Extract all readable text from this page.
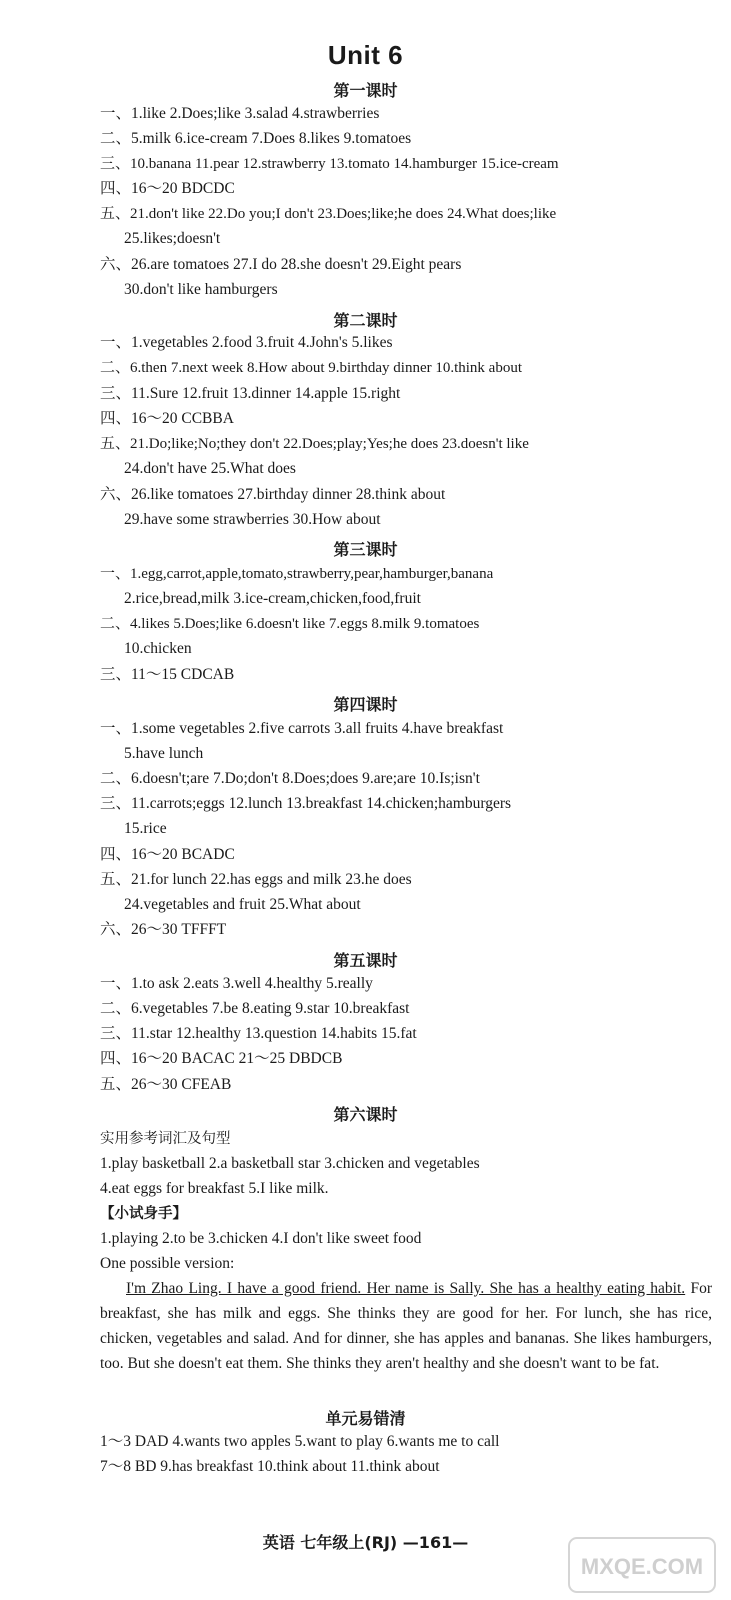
Unit 6
第一课时
一、1.like 2.Does;like 3.salad 4.strawberries
二、5.milk 6.ice-cream 7.Does 8.likes 9.tomatoes
三、10.banana 11.pear 12.strawberry 13.tomato 14.hamburger 15.ice-cream
四、16～20 BDCDC
五、21.don't like 22.Do you;I don't 23.Does;like;he does 24.What does;like
25.likes;doesn't
六、26.are tomatoes 27.I do 28.she doesn't 29.Eight pears
30.don't like hamburgers
第二课时
一、1.vegetables 2.food 3.fruit 4.John's 5.likes
二、6.then 7.next week 8.How about 9.birthday dinner 10.think about
三、11.Sure 12.fruit 13.dinner 14.apple 15.right
四、16～20 CCBBA
五、21.Do;like;No;they don't 22.Does;play;Yes;he does 23.doesn't like
24.don't have 25.What does
六、26.like tomatoes 27.birthday dinner 28.think about
29.have some strawberries 30.How about
第三课时
一、1.egg,carrot,apple,tomato,strawberry,pear,hamburger,banana
2.rice,bread,milk 3.ice-cream,chicken,food,fruit
二、4.likes 5.Does;like 6.doesn't like 7.eggs 8.milk 9.tomatoes
10.chicken
三、11～15 CDCAB
第四课时
一、1.some vegetables 2.five carrots 3.all fruits 4.have breakfast
5.have lunch
二、6.doesn't;are 7.Do;don't 8.Does;does 9.are;are 10.Is;isn't
三、11.carrots;eggs 12.lunch 13.breakfast 14.chicken;hamburgers
15.rice
四、16～20 BCADC
五、21.for lunch 22.has eggs and milk 23.he does
24.vegetables and fruit 25.What about
六、26～30 TFFFT
第五课时
一、1.to ask 2.eats 3.well 4.healthy 5.really
二、6.vegetables 7.be 8.eating 9.star 10.breakfast
三、11.star 12.healthy 13.question 14.habits 15.fat
四、16～20 BACAC 21～25 DBDCB
五、26～30 CFEAB
第六课时
实用参考词汇及句型
1.play basketball 2.a basketball star 3.chicken and vegetables
4.eat eggs for breakfast 5.I like milk.
【小试身手】
1.playing 2.to be 3.chicken 4.I don't like sweet food
One possible version:
I'm Zhao Ling. I have a good friend. Her name is Sally. She has a healthy eating habit. For breakfast, she has milk and eggs. She thinks they are good for her. For lunch, she has rice, chicken, vegetables and salad. And for dinner, she has apples and bananas. She likes hamburgers, too. But she doesn't eat them. She thinks they aren't healthy and she doesn't want to be fat.
单元易错清
1～3 DAD 4.wants two apples 5.want to play 6.wants me to call
7～8 BD 9.has breakfast 10.think about 11.think about
英语 七年级上(RJ) —161—
MXQE.COM
